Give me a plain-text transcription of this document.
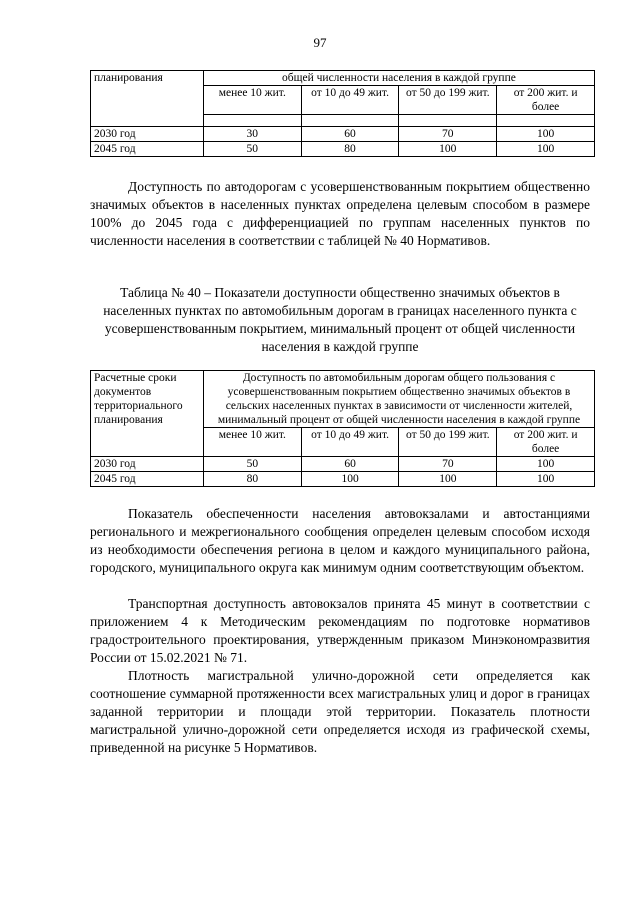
97
планирования	общей численности населения в каждой группе			
	менее 10 жит.	от 10 до 49 жит.	от 50 до 199 жит.	от 200 жит. и более

2030 год	30	60	70	100
2045 год	50	80	100	100

Доступность по автодорогам с усовершенствованным покрытием общественно значимых объектов в населенных пунктах определена целевым способом в размере 100% до 2045 года с дифференциацией по группам населенных пунктов по численности населения в соответствии с таблицей № 40 Нормативов.

Таблица № 40 – Показатели доступности общественно значимых объектов в населенных пунктах по автомобильным дорогам в границах населенного пункта с усовершенствованным покрытием, минимальный процент от общей численности населения в каждой группе

Расчетные сроки документов территориального планирования	Доступность по автомобильным дорогам общего пользования с усовершенствованным покрытием общественно значимых объектов в сельских населенных пунктах в зависимости от численности жителей, минимальный процент от общей численности населения в каждой группе			
	менее 10 жит.	от 10 до 49 жит.	от 50 до 199 жит.	от 200 жит. и более
2030 год	50	60	70	100
2045 год	80	100	100	100

Показатель обеспеченности населения автовокзалами и автостанциями регионального и межрегионального сообщения определен целевым способом исходя из необходимости обеспечения региона в целом и каждого муниципального района, городского, муниципального округа как минимум одним соответствующим объектом.

Транспортная доступность автовокзалов принята 45 минут в соответствии с приложением 4 к Методическим рекомендациям по подготовке нормативов градостроительного проектирования, утвержденным приказом Минэкономразвития России от 15.02.2021 № 71.

Плотность магистральной улично-дорожной сети определяется как соотношение суммарной протяженности всех магистральных улиц и дорог в границах заданной территории и площади этой территории. Показатель плотности магистральной улично-дорожной сети определяется исходя из графической схемы, приведенной на рисунке 5 Нормативов.
